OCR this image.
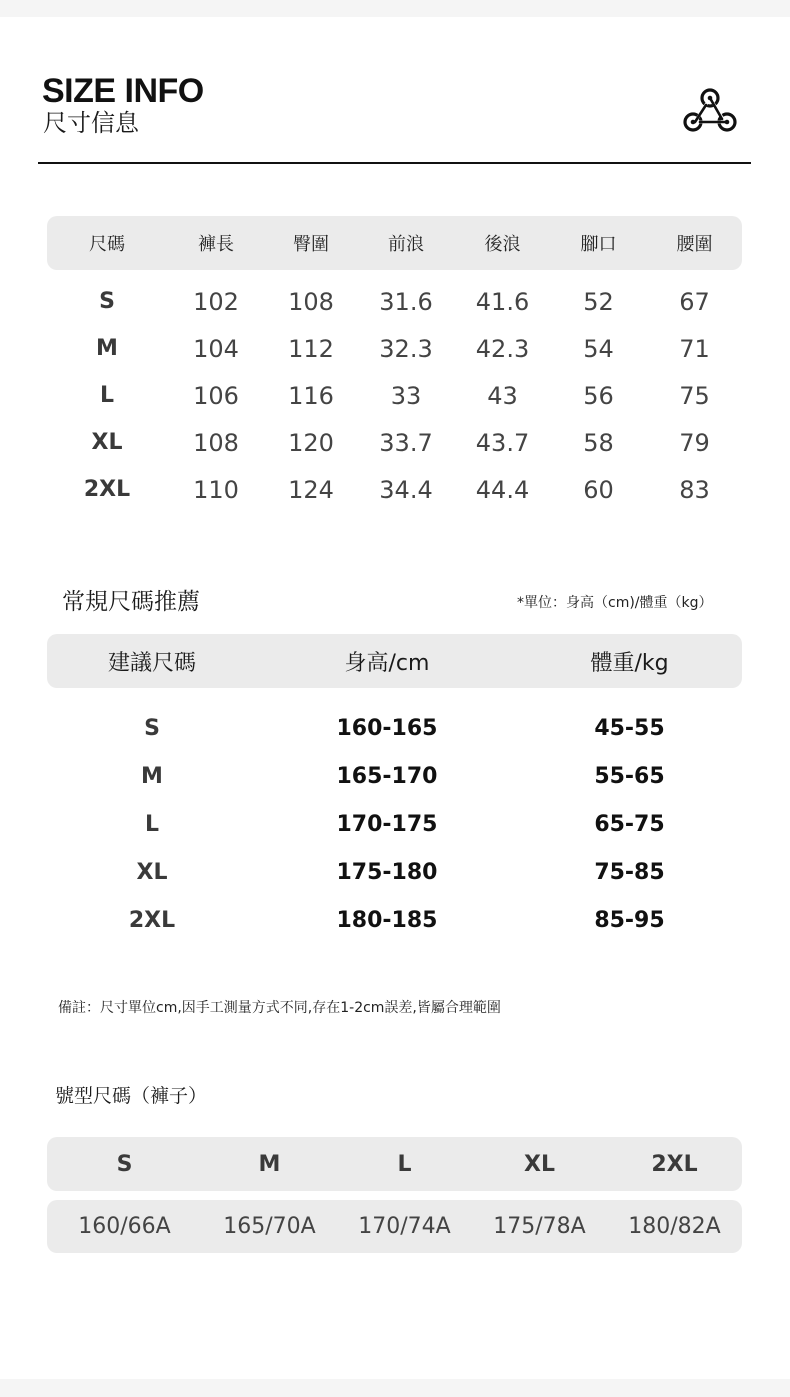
SIZE INFO
尺寸信息
尺碼	褲長	臀圍	前浪	後浪	腳口	腰圍
S	102	108	31.6	41.6	52	67
M	104	112	32.3	42.3	54	71
L	106	116	33	43	56	75
XL	108	120	33.7	43.7	58	79
2XL	110	124	34.4	44.4	60	83
常規尺碼推薦	*單位：身高（cm)/體重（kg）
建議尺碼	身高/cm	體重/kg
S	160-165	45-55
M	165-170	55-65
L	170-175	65-75
XL	175-180	75-85
2XL	180-185	85-95
備註：尺寸單位cm,因手工測量方式不同,存在1-2cm誤差,皆屬合理範圍
號型尺碼（褲子）
S	M	L	XL	2XL
160/66A	165/70A	170/74A	175/78A	180/82A
